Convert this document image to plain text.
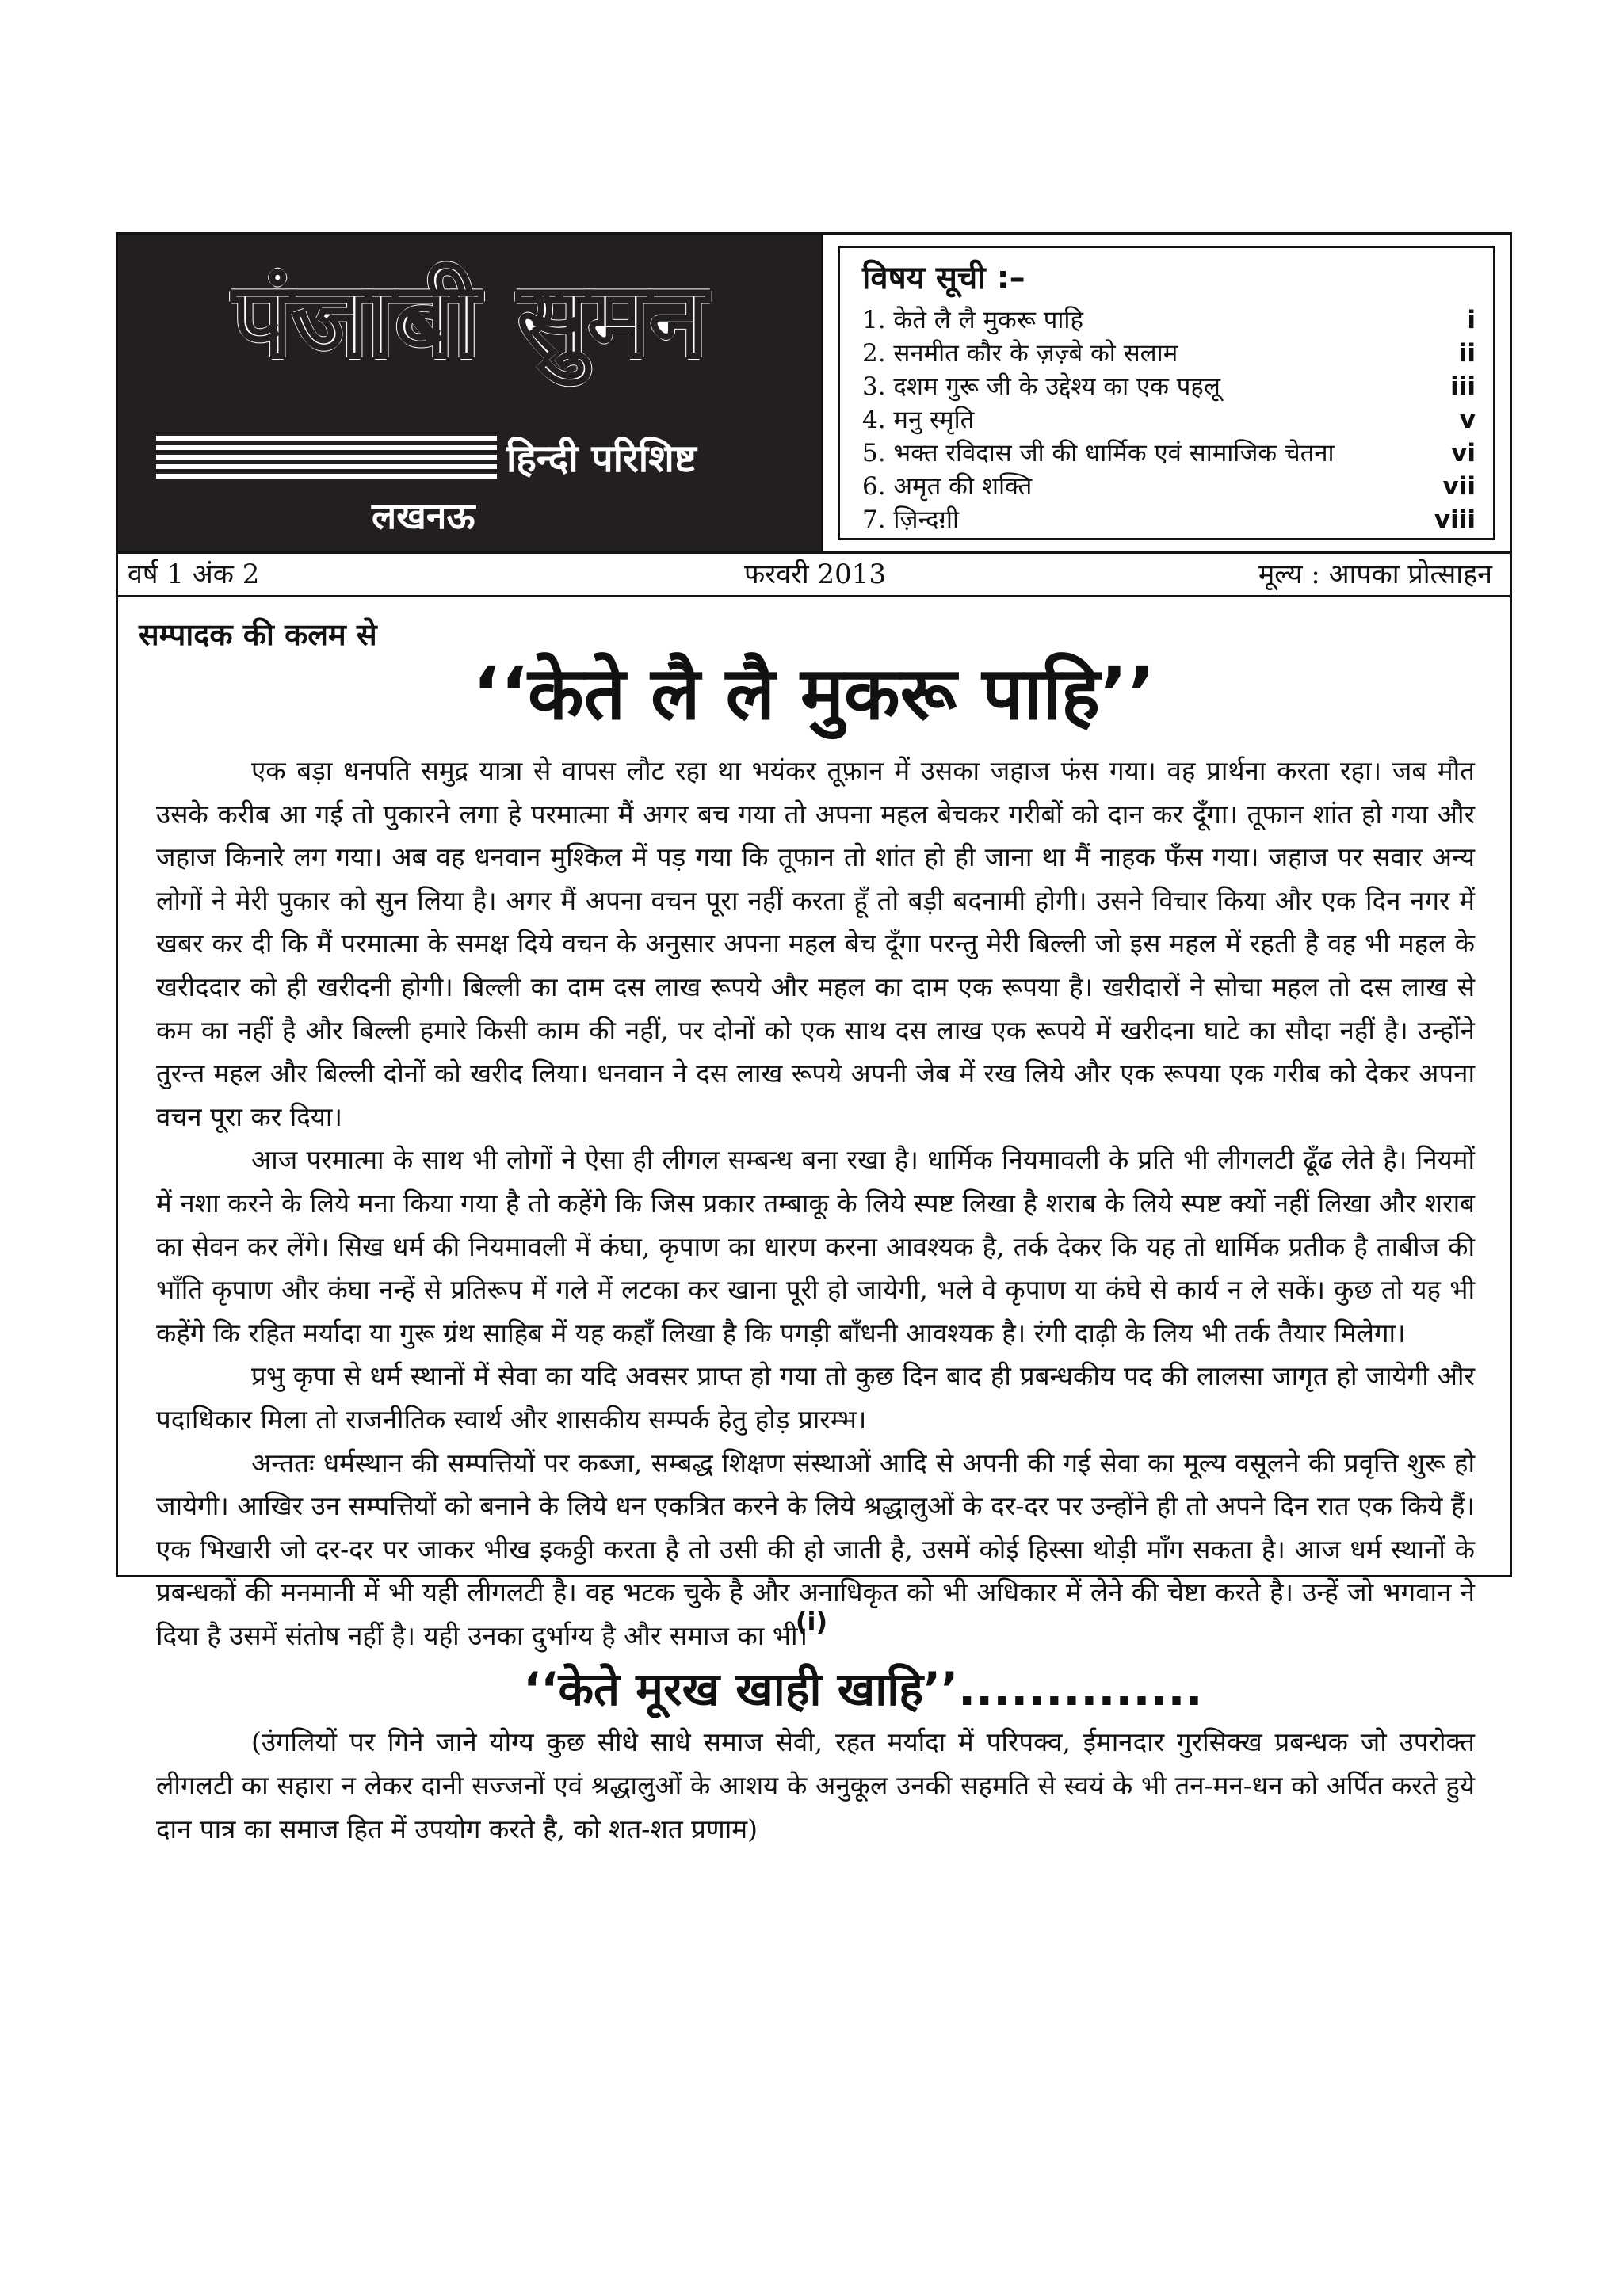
पंजाबी सुमन
हिन्दी परिशिष्ट
लखनऊ
विषय सूची :–
1. केते लै लै मुकरू पाहि	i
2. सनमीत कौर के ज़ज़्बे को सलाम	ii
3. दशम गुरू जी के उद्देश्य का एक पहलू	iii
4. मनु स्मृति	v
5. भक्त रविदास जी की धार्मिक एवं सामाजिक चेतना	vi
6. अमृत की शक्ति	vii
7. ज़िन्दग़ी	viii
वर्ष 1 अंक 2	फरवरी 2013	मूल्य : आपका प्रोत्साहन
सम्पादक की कलम से
‘‘केते लै लै मुकरू पाहि’’

एक बड़ा धनपति समुद्र यात्रा से वापस लौट रहा था भयंकर तूफ़ान में उसका जहाज फंस गया। वह प्रार्थना करता रहा। जब मौत उसके करीब आ गई तो पुकारने लगा हे परमात्मा मैं अगर बच गया तो अपना महल बेचकर गरीबों को दान कर दूँगा। तूफान शांत हो गया और जहाज किनारे लग गया। अब वह धनवान मुश्किल में पड़ गया कि तूफान तो शांत हो ही जाना था मैं नाहक फँस गया। जहाज पर सवार अन्य लोगों ने मेरी पुकार को सुन लिया है। अगर मैं अपना वचन पूरा नहीं करता हूँ तो बड़ी बदनामी होगी। उसने विचार किया और एक दिन नगर में खबर कर दी कि मैं परमात्मा के समक्ष दिये वचन के अनुसार अपना महल बेच दूँगा परन्तु मेरी बिल्ली जो इस महल में रहती है वह भी महल के खरीददार को ही खरीदनी होगी। बिल्ली का दाम दस लाख रूपये और महल का दाम एक रूपया है। खरीदारों ने सोचा महल तो दस लाख से कम का नहीं है और बिल्ली हमारे किसी काम की नहीं, पर दोनों को एक साथ दस लाख एक रूपये में खरीदना घाटे का सौदा नहीं है। उन्होंने तुरन्त महल और बिल्ली दोनों को खरीद लिया। धनवान ने दस लाख रूपये अपनी जेब में रख लिये और एक रूपया एक गरीब को देकर अपना वचन पूरा कर दिया।

आज परमात्मा के साथ भी लोगों ने ऐसा ही लीगल सम्बन्ध बना रखा है। धार्मिक नियमावली के प्रति भी लीगलटी ढूँढ लेते है। नियमों में नशा करने के लिये मना किया गया है तो कहेंगे कि जिस प्रकार तम्बाकू के लिये स्पष्ट लिखा है शराब के लिये स्पष्ट क्यों नहीं लिखा और शराब का सेवन कर लेंगे। सिख धर्म की नियमावली में कंघा, कृपाण का धारण करना आवश्यक है, तर्क देकर कि यह तो धार्मिक प्रतीक है ताबीज की भाँति कृपाण और कंघा नन्हें से प्रतिरूप में गले में लटका कर खाना पूरी हो जायेगी, भले वे कृपाण या कंघे से कार्य न ले सकें। कुछ तो यह भी कहेंगे कि रहित मर्यादा या गुरू ग्रंथ साहिब में यह कहाँ लिखा है कि पगड़ी बाँधनी आवश्यक है। रंगी दाढ़ी के लिय भी तर्क तैयार मिलेगा।

प्रभु कृपा से धर्म स्थानों में सेवा का यदि अवसर प्राप्त हो गया तो कुछ दिन बाद ही प्रबन्धकीय पद की लालसा जागृत हो जायेगी और पदाधिकार मिला तो राजनीतिक स्वार्थ और शासकीय सम्पर्क हेतु होड़ प्रारम्भ।

अन्ततः धर्मस्थान की सम्पत्तियों पर कब्जा, सम्बद्ध शिक्षण संस्थाओं आदि से अपनी की गई सेवा का मूल्य वसूलने की प्रवृत्ति शुरू हो जायेगी। आखिर उन सम्पत्तियों को बनाने के लिये धन एकत्रित करने के लिये श्रद्धालुओं के दर-दर पर उन्होंने ही तो अपने दिन रात एक किये हैं। एक भिखारी जो दर-दर पर जाकर भीख इकठ्ठी करता है तो उसी की हो जाती है, उसमें कोई हिस्सा थोड़ी माँग सकता है। आज धर्म स्थानों के प्रबन्धकों की मनमानी में भी यही लीगलटी है। वह भटक चुके है और अनाधिकृत को भी अधिकार में लेने की चेष्टा करते है। उन्हें जो भगवान ने दिया है उसमें संतोष नहीं है। यही उनका दुर्भाग्य है और समाज का भी।

‘‘केते मूरख खाही खाहि’’..............

(उंगलियों पर गिने जाने योग्य कुछ सीधे साधे समाज सेवी, रहत मर्यादा में परिपक्व, ईमानदार गुरसिक्ख प्रबन्धक जो उपरोक्त लीगलटी का सहारा न लेकर दानी सज्जनों एवं श्रद्धालुओं के आशय के अनुकूल उनकी सहमति से स्वयं के भी तन-मन-धन को अर्पित करते हुये दान पात्र का समाज हित में उपयोग करते है, को शत-शत प्रणाम)

(i)
